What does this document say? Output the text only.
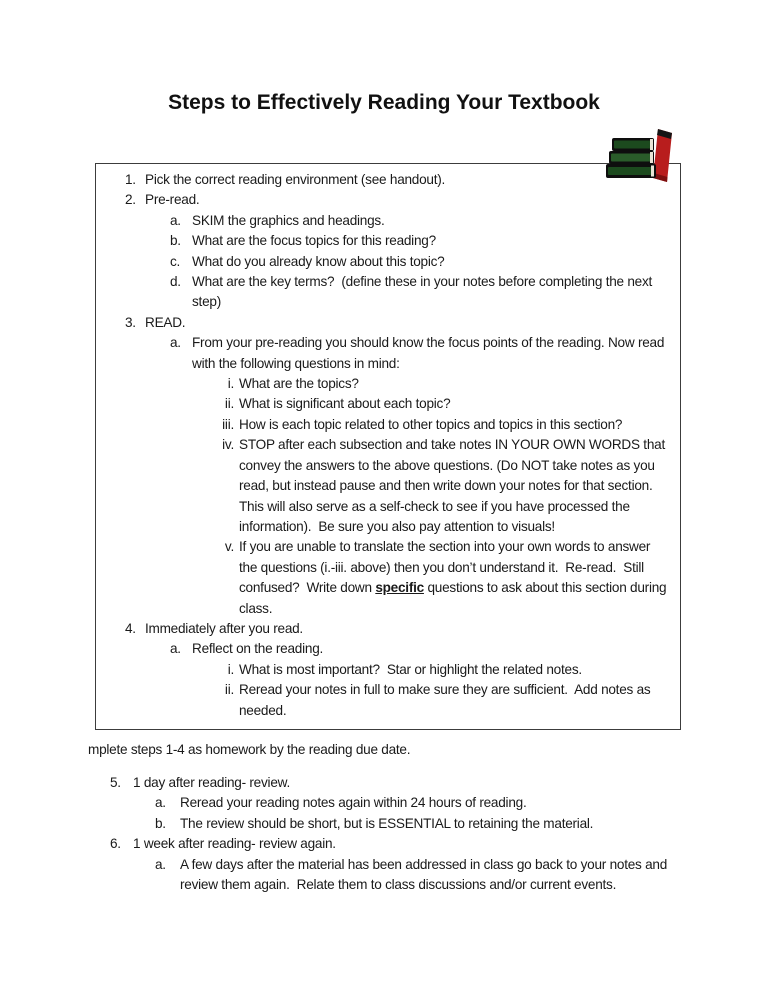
Steps to Effectively Reading Your Textbook
1. Pick the correct reading environment (see handout).
2. Pre-read.
a. SKIM the graphics and headings.
b. What are the focus topics for this reading?
c. What do you already know about this topic?
d. What are the key terms?  (define these in your notes before completing the next step)
3. READ.
a. From your pre-reading you should know the focus points of the reading. Now read with the following questions in mind:
i. What are the topics?
ii. What is significant about each topic?
iii. How is each topic related to other topics and topics in this section?
iv. STOP after each subsection and take notes IN YOUR OWN WORDS that convey the answers to the above questions. (Do NOT take notes as you read, but instead pause and then write down your notes for that section.  This will also serve as a self-check to see if you have processed the information).  Be sure you also pay attention to visuals!
v. If you are unable to translate the section into your own words to answer the questions (i.-iii. above) then you don’t understand it.  Re-read.  Still confused?  Write down specific questions to ask about this section during class.
4. Immediately after you read.
a. Reflect on the reading.
i. What is most important?  Star or highlight the related notes.
ii. Reread your notes in full to make sure they are sufficient.  Add notes as needed.
mplete steps 1-4 as homework by the reading due date.
5. 1 day after reading- review.
a.	Reread your reading notes again within 24 hours of reading.
b.	The review should be short, but is ESSENTIAL to retaining the material.
6. 1 week after reading- review again.
a.	A few days after the material has been addressed in class go back to your notes and review them again.  Relate them to class discussions and/or current events.
